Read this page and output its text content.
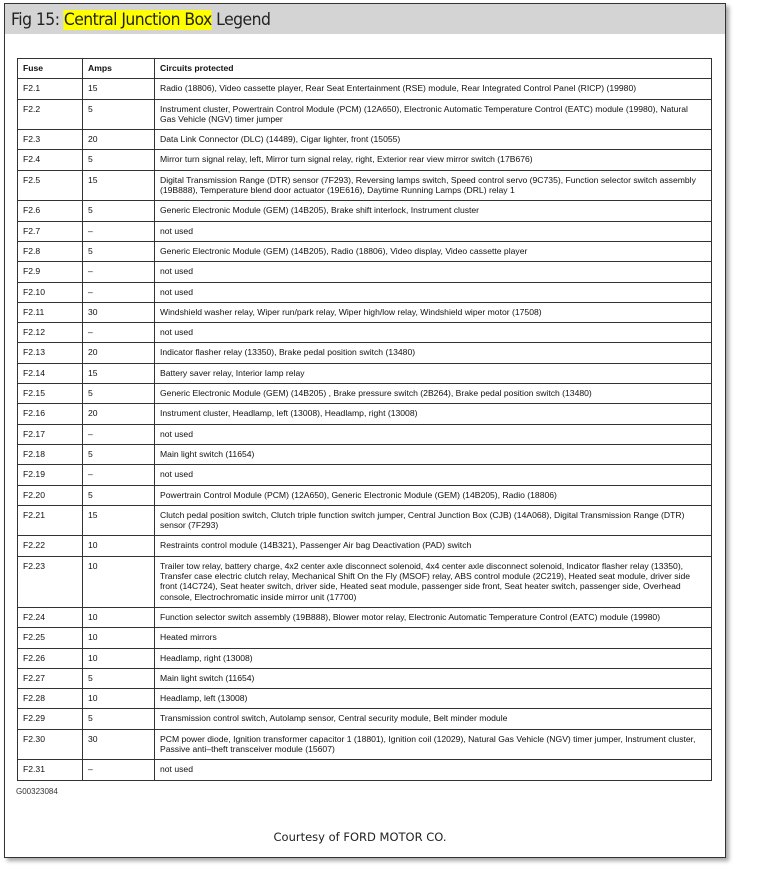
Fig 15: Central Junction Box Legend
Fuse	Amps	Circuits protected
F2.1	15	Radio (18806), Video cassette player, Rear Seat Entertainment (RSE) module, Rear Integrated Control Panel (RICP) (19980)
F2.2	5	Instrument cluster, Powertrain Control Module (PCM) (12A650), Electronic Automatic Temperature Control (EATC) module (19980), Natural Gas Vehicle (NGV) timer jumper
F2.3	20	Data Link Connector (DLC) (14489), Cigar lighter, front (15055)
F2.4	5	Mirror turn signal relay, left, Mirror turn signal relay, right, Exterior rear view mirror switch (17B676)
F2.5	15	Digital Transmission Range (DTR) sensor (7F293), Reversing lamps switch, Speed control servo (9C735), Function selector switch assembly (19B888), Temperature blend door actuator (19E616), Daytime Running Lamps (DRL) relay 1
F2.6	5	Generic Electronic Module (GEM) (14B205), Brake shift interlock, Instrument cluster
F2.7	–	not used
F2.8	5	Generic Electronic Module (GEM) (14B205), Radio (18806), Video display, Video cassette player
F2.9	–	not used
F2.10	–	not used
F2.11	30	Windshield washer relay, Wiper run/park relay, Wiper high/low relay, Windshield wiper motor (17508)
F2.12	–	not used
F2.13	20	Indicator flasher relay (13350), Brake pedal position switch (13480)
F2.14	15	Battery saver relay, Interior lamp relay
F2.15	5	Generic Electronic Module (GEM) (14B205) , Brake pressure switch (2B264), Brake pedal position switch (13480)
F2.16	20	Instrument cluster, Headlamp, left (13008), Headlamp, right (13008)
F2.17	–	not used
F2.18	5	Main light switch (11654)
F2.19	–	not used
F2.20	5	Powertrain Control Module (PCM) (12A650), Generic Electronic Module (GEM) (14B205), Radio (18806)
F2.21	15	Clutch pedal position switch, Clutch triple function switch jumper, Central Junction Box (CJB) (14A068), Digital Transmission Range (DTR) sensor (7F293)
F2.22	10	Restraints control module (14B321), Passenger Air bag Deactivation (PAD) switch
F2.23	10	Trailer tow relay, battery charge, 4x2 center axle disconnect solenoid, 4x4 center axle disconnect solenoid, Indicator flasher relay (13350), Transfer case electric clutch relay, Mechanical Shift On the Fly (MSOF) relay, ABS control module (2C219), Heated seat module, driver side front (14C724), Seat heater switch, driver side, Heated seat module, passenger side front, Seat heater switch, passenger side, Overhead console, Electrochromatic inside mirror unit (17700)
F2.24	10	Function selector switch assembly (19B888), Blower motor relay, Electronic Automatic Temperature Control (EATC) module (19980)
F2.25	10	Heated mirrors
F2.26	10	Headlamp, right (13008)
F2.27	5	Main light switch (11654)
F2.28	10	Headlamp, left (13008)
F2.29	5	Transmission control switch, Autolamp sensor, Central security module, Belt minder module
F2.30	30	PCM power diode, Ignition transformer capacitor 1 (18801), Ignition coil (12029), Natural Gas Vehicle (NGV) timer jumper, Instrument cluster, Passive anti–theft transceiver module (15607)
F2.31	–	not used
G00323084
Courtesy of FORD MOTOR CO.
